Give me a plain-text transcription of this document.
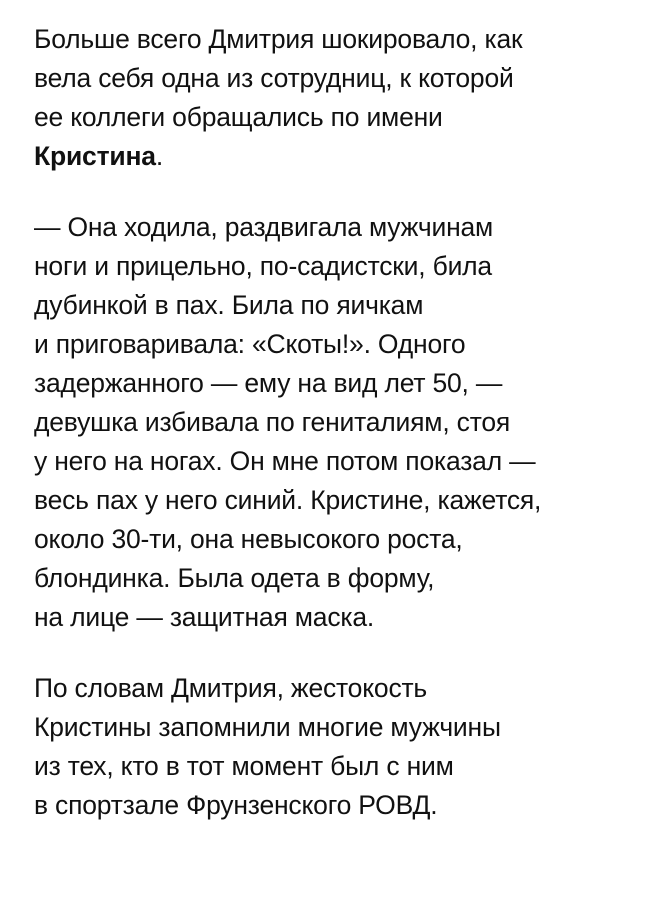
Больше всего Дмитрия шокировало, как
вела себя одна из сотрудниц, к которой
ее коллеги обращались по имени
Кристина.

— Она ходила, раздвигала мужчинам
ноги и прицельно, по-садистски, била
дубинкой в пах. Била по яичкам
и приговаривала: «Скоты!». Одного
задержанного — ему на вид лет 50, —
девушка избивала по гениталиям, стоя
у него на ногах. Он мне потом показал —
весь пах у него синий. Кристине, кажется,
около 30-ти, она невысокого роста,
блондинка. Была одета в форму,
на лице — защитная маска.

По словам Дмитрия, жестокость
Кристины запомнили многие мужчины
из тех, кто в тот момент был с ним
в спортзале Фрунзенского РОВД.
